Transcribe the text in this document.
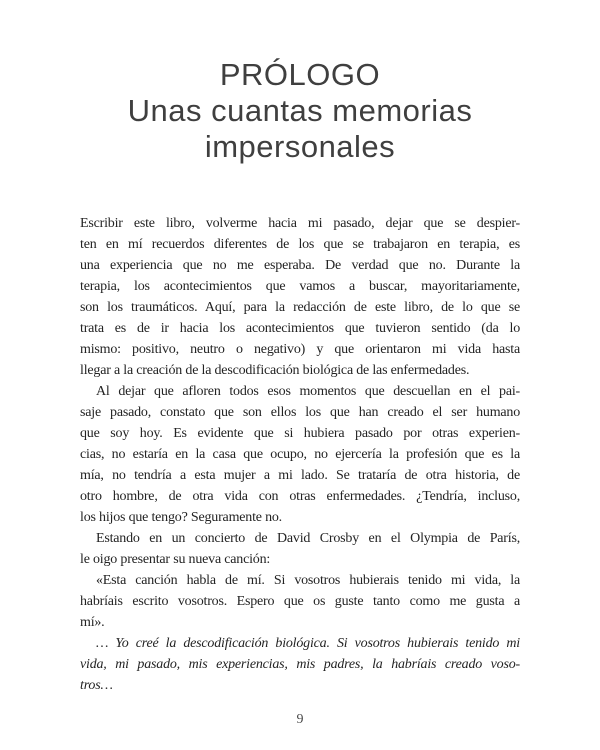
PRÓLOGO
Unas cuantas memorias
impersonales
Escribir este libro, volverme hacia mi pasado, dejar que se despier-
ten en mí recuerdos diferentes de los que se trabajaron en terapia, es
una experiencia que no me esperaba. De verdad que no. Durante la
terapia, los acontecimientos que vamos a buscar, mayoritariamente,
son los traumáticos. Aquí, para la redacción de este libro, de lo que se
trata es de ir hacia los acontecimientos que tuvieron sentido (da lo
mismo: positivo, neutro o negativo) y que orientaron mi vida hasta
llegar a la creación de la descodificación biológica de las enfermedades.
Al dejar que afloren todos esos momentos que descuellan en el pai-
saje pasado, constato que son ellos los que han creado el ser humano
que soy hoy. Es evidente que si hubiera pasado por otras experien-
cias, no estaría en la casa que ocupo, no ejercería la profesión que es la
mía, no tendría a esta mujer a mi lado. Se trataría de otra historia, de
otro hombre, de otra vida con otras enfermedades. ¿Tendría, incluso,
los hijos que tengo? Seguramente no.
Estando en un concierto de David Crosby en el Olympia de París,
le oigo presentar su nueva canción:
«Esta canción habla de mí. Si vosotros hubierais tenido mi vida, la
habríais escrito vosotros. Espero que os guste tanto como me gusta a
mí».
… Yo creé la descodificación biológica. Si vosotros hubierais tenido mi
vida, mi pasado, mis experiencias, mis padres, la habríais creado voso-
tros…
9
